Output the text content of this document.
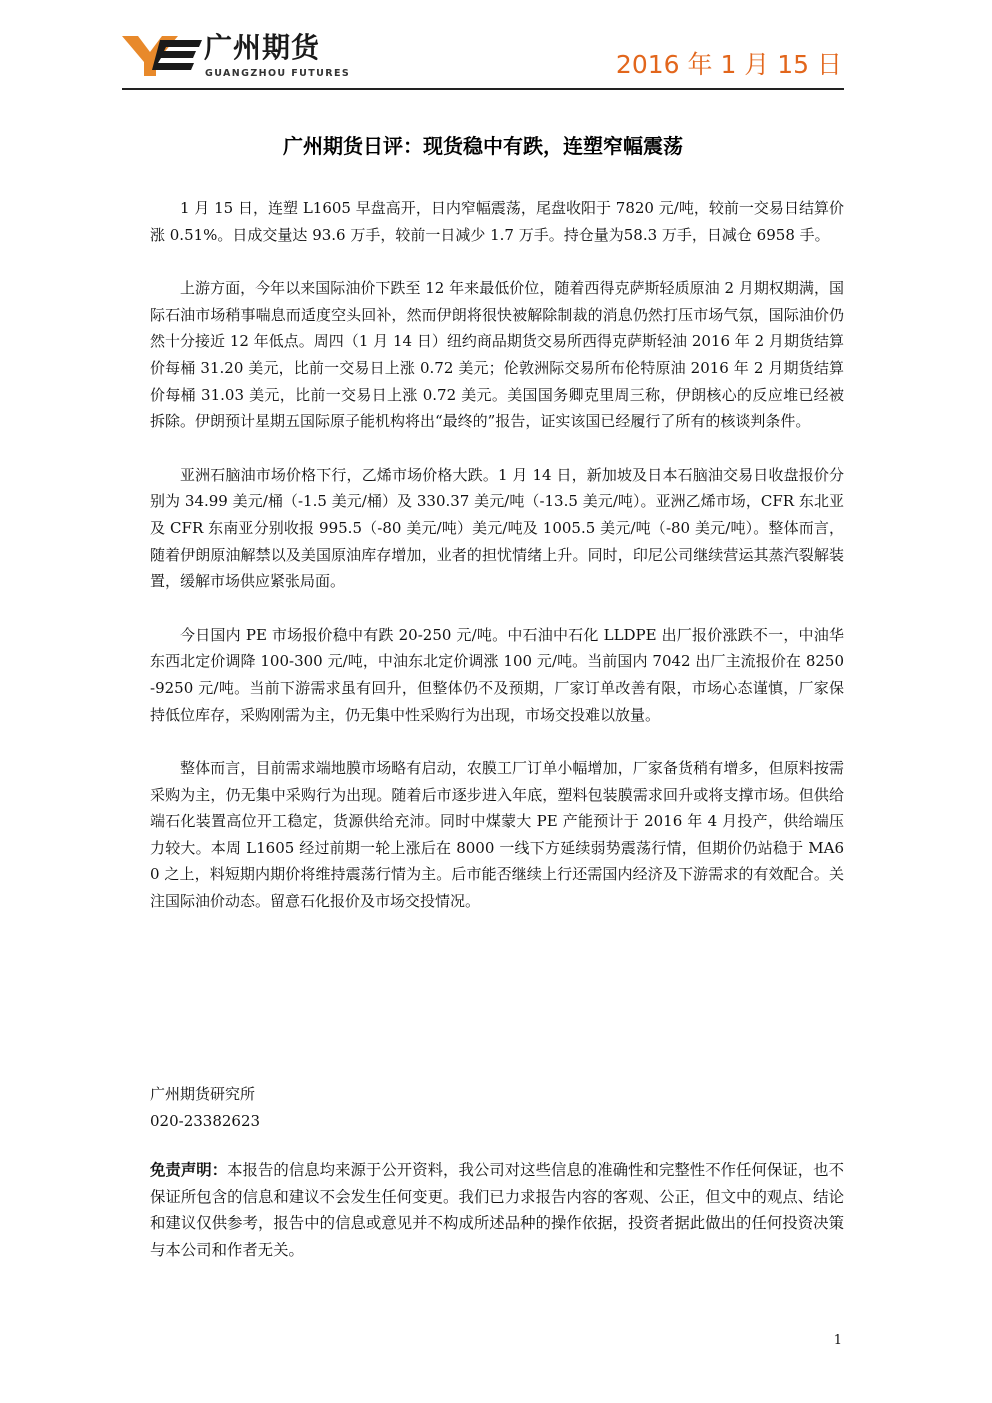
广州期货
GUANGZHOU FUTURES	2016 年 1 月 15 日
广州期货日评：现货稳中有跌，连塑窄幅震荡

1 月 15 日，连塑 L1605 早盘高开，日内窄幅震荡，尾盘收阳于 7820 元/吨，较前一交易日结算价涨 0.51%。日成交量达 93.6 万手，较前一日减少 1.7 万手。持仓量为58.3 万手，日减仓 6958 手。

上游方面，今年以来国际油价下跌至 12 年来最低价位，随着西得克萨斯轻质原油 2 月期权期满，国际石油市场稍事喘息而适度空头回补，然而伊朗将很快被解除制裁的消息仍然打压市场气氛，国际油价仍然十分接近 12 年低点。周四（1 月 14 日）纽约商品期货交易所西得克萨斯轻油 2016 年 2 月期货结算价每桶 31.20 美元，比前一交易日上涨 0.72 美元；伦敦洲际交易所布伦特原油 2016 年 2 月期货结算价每桶 31.03 美元，比前一交易日上涨 0.72 美元。美国国务卿克里周三称，伊朗核心的反应堆已经被拆除。伊朗预计星期五国际原子能机构将出“最终的”报告，证实该国已经履行了所有的核谈判条件。

亚洲石脑油市场价格下行，乙烯市场价格大跌。1 月 14 日，新加坡及日本石脑油交易日收盘报价分别为 34.99 美元/桶（-1.5 美元/桶）及 330.37 美元/吨（-13.5 美元/吨）。亚洲乙烯市场，CFR 东北亚及 CFR 东南亚分别收报 995.5（-80 美元/吨）美元/吨及 1005.5 美元/吨（-80 美元/吨）。整体而言，随着伊朗原油解禁以及美国原油库存增加，业者的担忧情绪上升。同时，印尼公司继续营运其蒸汽裂解装置，缓解市场供应紧张局面。

今日国内 PE 市场报价稳中有跌 20-250 元/吨。中石油中石化 LLDPE 出厂报价涨跌不一，中油华东西北定价调降 100-300 元/吨，中油东北定价调涨 100 元/吨。当前国内 7042 出厂主流报价在 8250-9250 元/吨。当前下游需求虽有回升，但整体仍不及预期，厂家订单改善有限，市场心态谨慎，厂家保持低位库存，采购刚需为主，仍无集中性采购行为出现，市场交投难以放量。

整体而言，目前需求端地膜市场略有启动，农膜工厂订单小幅增加，厂家备货稍有增多，但原料按需采购为主，仍无集中采购行为出现。随着后市逐步进入年底，塑料包装膜需求回升或将支撑市场。但供给端石化装置高位开工稳定，货源供给充沛。同时中煤蒙大 PE 产能预计于 2016 年 4 月投产，供给端压力较大。本周 L1605 经过前期一轮上涨后在 8000 一线下方延续弱势震荡行情，但期价仍站稳于 MA60 之上，料短期内期价将维持震荡行情为主。后市能否继续上行还需国内经济及下游需求的有效配合。关注国际油价动态。留意石化报价及市场交投情况。

广州期货研究所
020-23382623
免责声明：本报告的信息均来源于公开资料，我公司对这些信息的准确性和完整性不作任何保证，也不保证所包含的信息和建议不会发生任何变更。我们已力求报告内容的客观、公正，但文中的观点、结论和建议仅供参考，报告中的信息或意见并不构成所述品种的操作依据，投资者据此做出的任何投资决策与本公司和作者无关。
1
